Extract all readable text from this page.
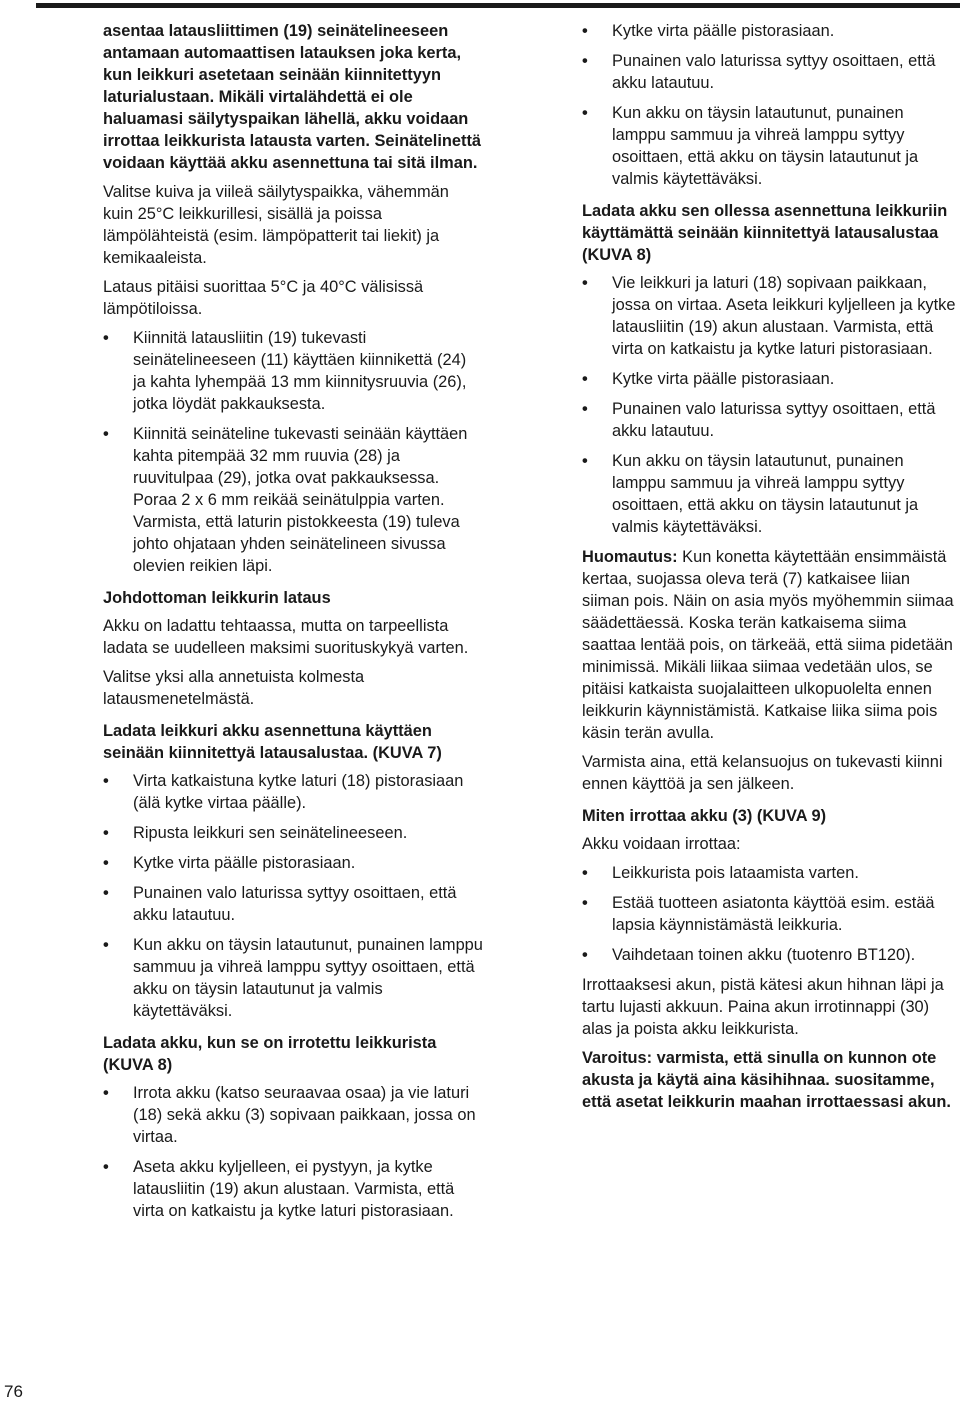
asentaa latausliittimen (19) seinätelineeseen antamaan automaattisen latauksen joka kerta, kun leikkuri asetetaan seinään kiinnitettyyn laturialustaan. Mikäli virtalähdettä ei ole haluamasi säilytyspaikan lähellä, akku voidaan irrottaa leikkurista latausta varten. Seinätelinettä voidaan käyttää akku asennettuna tai sitä ilman.

Valitse kuiva ja viileä säilytyspaikka, vähemmän kuin 25°C leikkurillesi, sisällä ja poissa lämpölähteistä (esim. lämpöpatterit tai liekit) ja kemikaaleista.

Lataus pitäisi suorittaa 5°C ja 40°C välisissä lämpötiloissa.

• Kiinnitä latausliitin (19) tukevasti seinätelineeseen (11) käyttäen kiinnikettä (24) ja kahta lyhempää 13 mm kiinnitysruuvia (26), jotka löydät pakkauksesta.
• Kiinnitä seinäteline tukevasti seinään käyttäen kahta pitempää 32 mm ruuvia (28) ja ruuvitulpaa (29), jotka ovat pakkauksessa. Poraa 2 x 6 mm reikää seinätulppia varten. Varmista, että laturin pistokkeesta (19) tuleva johto ohjataan yhden seinätelineen sivussa olevien reikien läpi.

Johdottoman leikkurin lataus

Akku on ladattu tehtaassa, mutta on tarpeellista ladata se uudelleen maksimi suorituskykyä varten.

Valitse yksi alla annetuista kolmesta latausmenetelmästä.

Ladata leikkuri akku asennettuna käyttäen seinään kiinnitettyä latausalustaa. (KUVA 7)

• Virta katkaistuna kytke laturi (18) pistorasiaan (älä kytke virtaa päälle).
• Ripusta leikkuri sen seinätelineeseen.
• Kytke virta päälle pistorasiaan.
• Punainen valo laturissa syttyy osoittaen, että akku latautuu.
• Kun akku on täysin latautunut, punainen lamppu sammuu ja vihreä lamppu syttyy osoittaen, että akku on täysin latautunut ja valmis käytettäväksi.

Ladata akku, kun se on irrotettu leikkurista (KUVA 8)

• Irrota akku (katso seuraavaa osaa) ja vie laturi (18) sekä akku (3) sopivaan paikkaan, jossa on virtaa.
• Aseta akku kyljelleen, ei pystyyn, ja kytke latausliitin (19) akun alustaan. Varmista, että virta on katkaistu ja kytke laturi pistorasiaan.
• Kytke virta päälle pistorasiaan.
• Punainen valo laturissa syttyy osoittaen, että akku latautuu.
• Kun akku on täysin latautunut, punainen lamppu sammuu ja vihreä lamppu syttyy osoittaen, että akku on täysin latautunut ja valmis käytettäväksi.

Ladata akku sen ollessa asennettuna leikkuriin käyttämättä seinään kiinnitettyä latausalustaa (KUVA 8)

• Vie leikkuri ja laturi (18) sopivaan paikkaan, jossa on virtaa. Aseta leikkuri kyljelleen ja kytke latausliitin (19) akun alustaan. Varmista, että virta on katkaistu ja kytke laturi pistorasiaan.
• Kytke virta päälle pistorasiaan.
• Punainen valo laturissa syttyy osoittaen, että akku latautuu.
• Kun akku on täysin latautunut, punainen lamppu sammuu ja vihreä lamppu syttyy osoittaen, että akku on täysin latautunut ja valmis käytettäväksi.

Huomautus: Kun konetta käytettään ensimmäistä kertaa, suojassa oleva terä (7) katkaisee liian siiman pois. Näin on asia myös myöhemmin siimaa säädettäessä. Koska terän katkaisema siima saattaa lentää pois, on tärkeää, että siima pidetään minimissä. Mikäli liikaa siimaa vedetään ulos, se pitäisi katkaista suojalaitteen ulkopuolelta ennen leikkurin käynnistämistä. Katkaise liika siima pois käsin terän avulla.

Varmista aina, että kelansuojus on tukevasti kiinni ennen käyttöä ja sen jälkeen.

Miten irrottaa akku (3) (KUVA 9)

Akku voidaan irrottaa:

• Leikkurista pois lataamista varten.
• Estää tuotteen asiatonta käyttöä esim. estää lapsia käynnistämästä leikkuria.
• Vaihdetaan toinen akku (tuotenro BT120).

Irrottaaksesi akun, pistä kätesi akun hihnan läpi ja tartu lujasti akkuun. Paina akun irrotinnappi (30) alas ja poista akku leikkurista.

Varoitus: varmista, että sinulla on kunnon ote akusta ja käytä aina käsihihnaa. suositamme, että asetat leikkurin maahan irrottaessasi akun.

76
